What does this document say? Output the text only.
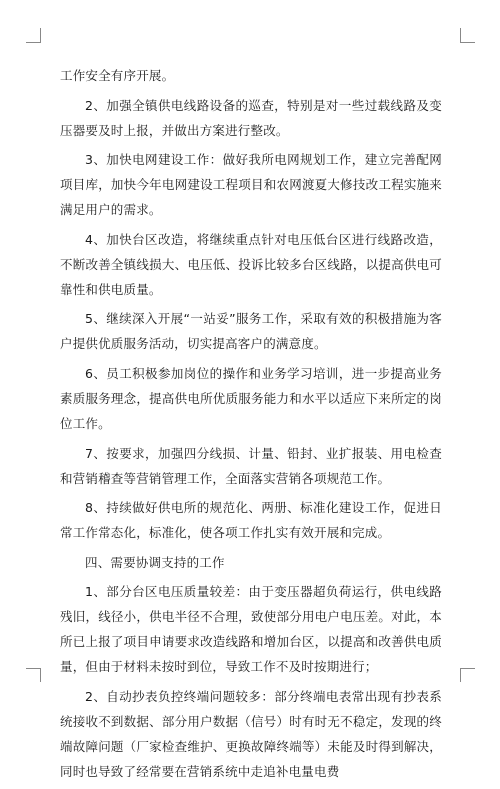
工作安全有序开展。

2、加强全镇供电线路设备的巡查，特别是对一些过载线路及变压器要及时上报，并做出方案进行整改。

3、加快电网建设工作：做好我所电网规划工作，建立完善配网项目库，加快今年电网建设工程项目和农网渡夏大修技改工程实施来满足用户的需求。

4、加快台区改造，将继续重点针对电压低台区进行线路改造，不断改善全镇线损大、电压低、投诉比较多台区线路，以提高供电可靠性和供电质量。

5、继续深入开展“一站妥”服务工作，采取有效的积极措施为客户提供优质服务活动，切实提高客户的满意度。

6、员工积极参加岗位的操作和业务学习培训，进一步提高业务素质服务理念，提高供电所优质服务能力和水平以适应下来所定的岗位工作。

7、按要求，加强四分线损、计量、铅封、业扩报装、用电检查和营销稽查等营销管理工作，全面落实营销各项规范工作。

8、持续做好供电所的规范化、两册、标准化建设工作，促进日常工作常态化，标准化，使各项工作扎实有效开展和完成。

四、需要协调支持的工作

1、部分台区电压质量较差：由于变压器超负荷运行，供电线路残旧，线径小，供电半径不合理，致使部分用电户电压差。对此，本所已上报了项目申请要求改造线路和增加台区，以提高和改善供电质量，但由于材料未按时到位，导致工作不及时按期进行；

2、自动抄表负控终端问题较多：部分终端电表常出现有抄表系统接收不到数据、部分用户数据（信号）时有时无不稳定，发现的终端故障问题（厂家检查维护、更换故障终端等）未能及时得到解决，同时也导致了经常要在营销系统中走追补电量电费
